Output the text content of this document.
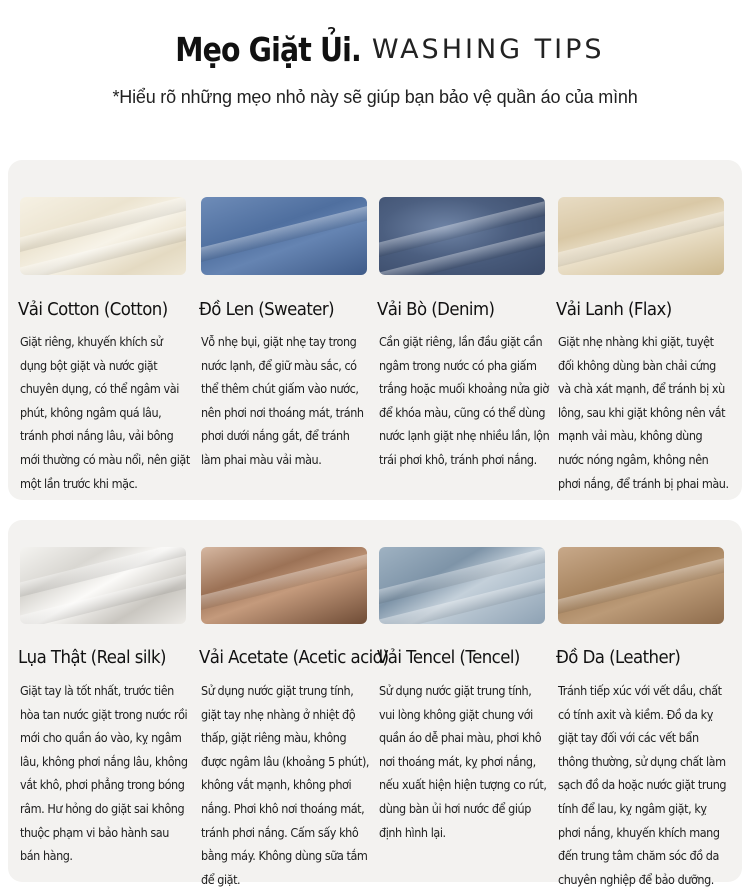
Mẹo Giặt Ủi. WASHING TIPS
*Hiểu rõ những mẹo nhỏ này sẽ giúp bạn bảo vệ quần áo của mình
Vải Cotton (Cotton)
Giặt riêng, khuyến khích sử dụng bột giặt và nước giặt chuyên dụng, có thể ngâm vài phút, không ngâm quá lâu, tránh phơi nắng lâu, vải bông mới thường có màu nổi, nên giặt một lần trước khi mặc.
Đồ Len (Sweater)
Vỗ nhẹ bụi, giặt nhẹ tay trong nước lạnh, để giữ màu sắc, có thể thêm chút giấm vào nước, nên phơi nơi thoáng mát, tránh phơi dưới nắng gắt, để tránh làm phai màu vải màu.
Vải Bò (Denim)
Cần giặt riêng, lần đầu giặt cần ngâm trong nước có pha giấm trắng hoặc muối khoảng nửa giờ để khóa màu, cũng có thể dùng nước lạnh giặt nhẹ nhiều lần, lộn trái phơi khô, tránh phơi nắng.
Vải Lanh (Flax)
Giặt nhẹ nhàng khi giặt, tuyệt đối không dùng bàn chải cứng và chà xát mạnh, để tránh bị xù lông, sau khi giặt không nên vắt mạnh vải màu, không dùng nước nóng ngâm, không nên phơi nắng, để tránh bị phai màu.
Lụa Thật (Real silk)
Giặt tay là tốt nhất, trước tiên hòa tan nước giặt trong nước rồi mới cho quần áo vào, kỵ ngâm lâu, không phơi nắng lâu, không vắt khô, phơi phẳng trong bóng râm. Hư hỏng do giặt sai không thuộc phạm vi bảo hành sau bán hàng.
Vải Acetate (Acetic acid)
Sử dụng nước giặt trung tính, giặt tay nhẹ nhàng ở nhiệt độ thấp, giặt riêng màu, không được ngâm lâu (khoảng 5 phút), không vắt mạnh, không phơi nắng. Phơi khô nơi thoáng mát, tránh phơi nắng. Cấm sấy khô bằng máy. Không dùng sữa tắm để giặt.
Vải Tencel (Tencel)
Sử dụng nước giặt trung tính, vui lòng không giặt chung với quần áo dễ phai màu, phơi khô nơi thoáng mát, kỵ phơi nắng, nếu xuất hiện hiện tượng co rút, dùng bàn ủi hơi nước để giúp định hình lại.
Đồ Da (Leather)
Tránh tiếp xúc với vết dầu, chất có tính axit và kiềm. Đồ da kỵ giặt tay đối với các vết bẩn thông thường, sử dụng chất làm sạch đồ da hoặc nước giặt trung tính để lau, kỵ ngâm giặt, kỵ phơi nắng, khuyến khích mang đến trung tâm chăm sóc đồ da chuyên nghiệp để bảo dưỡng.
